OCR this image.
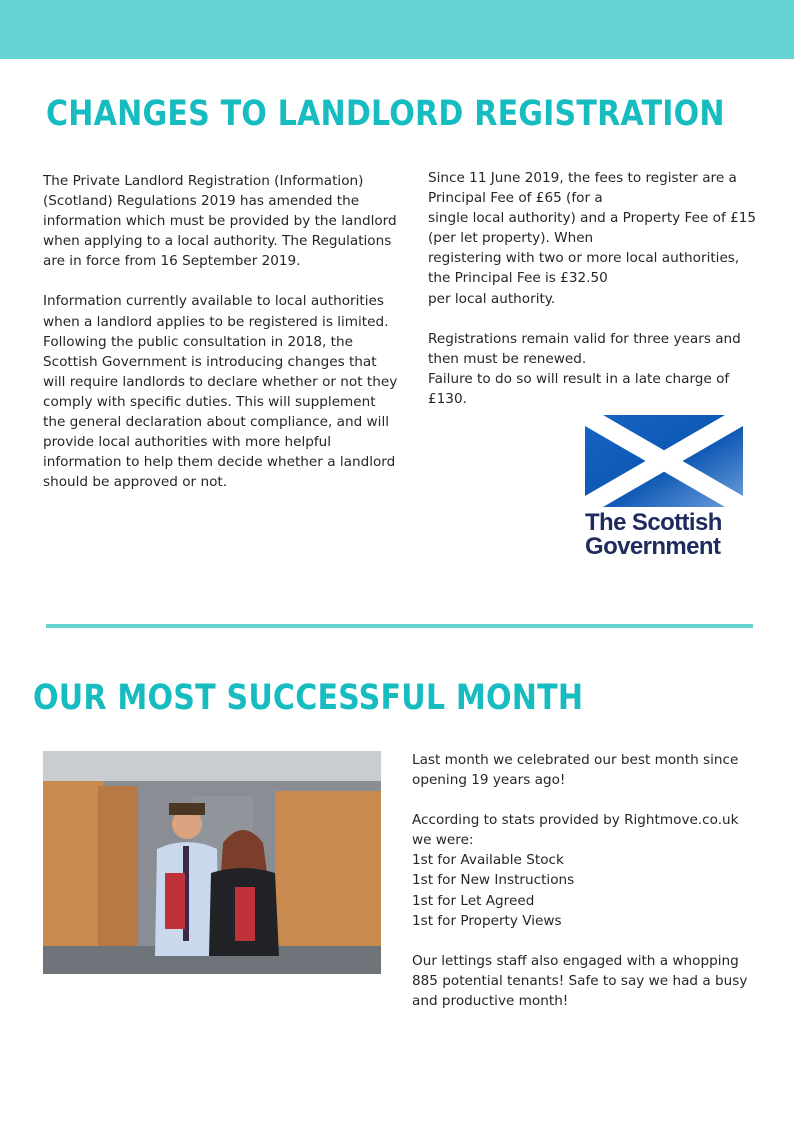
CHANGES TO LANDLORD REGISTRATION

The Private Landlord Registration (Information) (Scotland) Regulations 2019 has amended the information which must be provided by the landlord when applying to a local authority. The Regulations are in force from 16 September 2019.

Information currently available to local authorities when a landlord applies to be registered is limited. Following the public consultation in 2018, the Scottish Government is introducing changes that will require landlords to declare whether or not they comply with specific duties. This will supplement the general declaration about compliance, and will provide local authorities with more helpful information to help them decide whether a landlord should be approved or not.

Since 11 June 2019, the fees to register are a Principal Fee of £65 (for a
single local authority) and a Property Fee of £15 (per let property). When
registering with two or more local authorities, the Principal Fee is £32.50
per local authority.

Registrations remain valid for three years and then must be renewed.
Failure to do so will result in a late charge of £130.

The Scottish
Government
OUR MOST SUCCESSFUL MONTH

Last month we celebrated our best month since opening 19 years ago!

According to stats provided by Rightmove.co.uk we were:
1st for Available Stock
1st for New Instructions
1st for Let Agreed
1st for Property Views

Our lettings staff also engaged with a whopping 885 potential tenants! Safe to say we had a busy and productive month!
